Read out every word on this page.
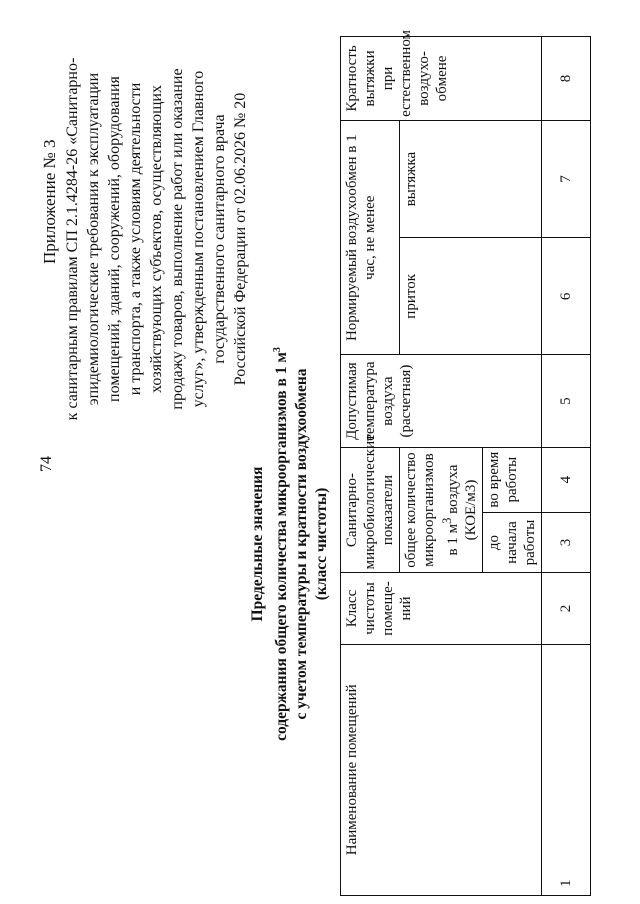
74
Приложение № 3 к санитарным правилам СП 2.1.4284-26 «Санитарно- эпидемиологические требования к эксплуатации помещений, зданий, сооружений, оборудования и транспорта, а также условиям деятельности хозяйствующих субъектов, осуществляющих продажу товаров, выполнение работ или оказание услуг», утвержденным постановлением Главного государственного санитарного врача Российской Федерации от 02.06.2026 № 20
Предельные значения содержания общего количества микроорганизмов в 1 $м^3$
с учетом температуры и кратности воздухообмена (класс чистоты)
Наименование помещений	Класс чистоты помеще-ний	Санитарно-микробиологические показатели		Допустимая температура воздуха (расчетная)	Нормируемый воздухообмен в 1 час, не менее		Кратность вытяжки при естественном воздухо-обмене
		общее количество микроорганизмов в 1 $м^3$ воздуха (КОЕ/м3)			приток	вытяжка	
		до начала работы	во время работы				
1	2	3	4	5	6	7	8
